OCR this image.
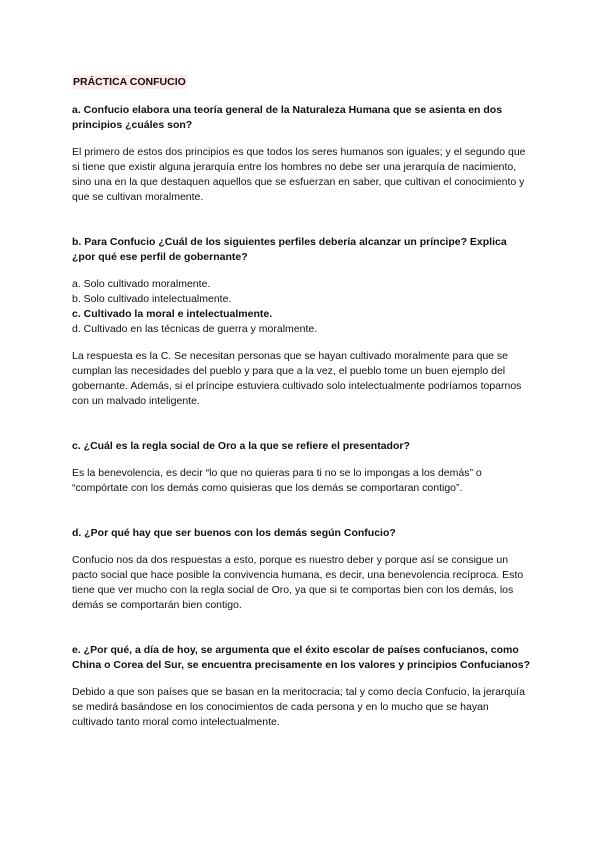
PRÁCTICA CONFUCIO

a. Confucio elabora una teoría general de la Naturaleza Humana que se asienta en dos principios ¿cuáles son?

El primero de estos dos principios es que todos los seres humanos son iguales; y el segundo que si tiene que existir alguna jerarquía entre los hombres no debe ser una jerarquía de nacimiento, sino una en la que destaquen aquellos que se esfuerzan en saber, que cultivan el conocimiento y que se cultivan moralmente.

b. Para Confucio ¿Cuál de los siguientes perfiles debería alcanzar un príncipe? Explica ¿por qué ese perfil de gobernante?

a. Solo cultivado moralmente.

b. Solo cultivado intelectualmente.

c. Cultivado la moral e intelectualmente.

d. Cultivado en las técnicas de guerra y moralmente.

La respuesta es la C. Se necesitan personas que se hayan cultivado moralmente para que se cumplan las necesidades del pueblo y para que a la vez, el pueblo tome un buen ejemplo del gobernante. Además, si el príncipe estuviera cultivado solo intelectualmente podríamos toparnos con un malvado inteligente.

c. ¿Cuál es la regla social de Oro a la que se refiere el presentador?

Es la benevolencia, es decir “lo que no quieras para ti no se lo impongas a los demás” o “compórtate con los demás como quisieras que los demás se comportaran contigo”.

d. ¿Por qué hay que ser buenos con los demás según Confucio?

Confucio nos da dos respuestas a esto, porque es nuestro deber y porque así se consigue un pacto social que hace posible la convivencia humana, es decir, una benevolencia recíproca. Esto tiene que ver mucho con la regla social de Oro, ya que si te comportas bien con los demás, los demás se comportarán bien contigo.

e. ¿Por qué, a día de hoy, se argumenta que el éxito escolar de países confucianos, como China o Corea del Sur, se encuentra precisamente en los valores y principios Confucianos?

Debido a que son países que se basan en la meritocracia; tal y como decía Confucio, la jerarquía se medirá basándose en los conocimientos de cada persona y en lo mucho que se hayan cultivado tanto moral como intelectualmente.
